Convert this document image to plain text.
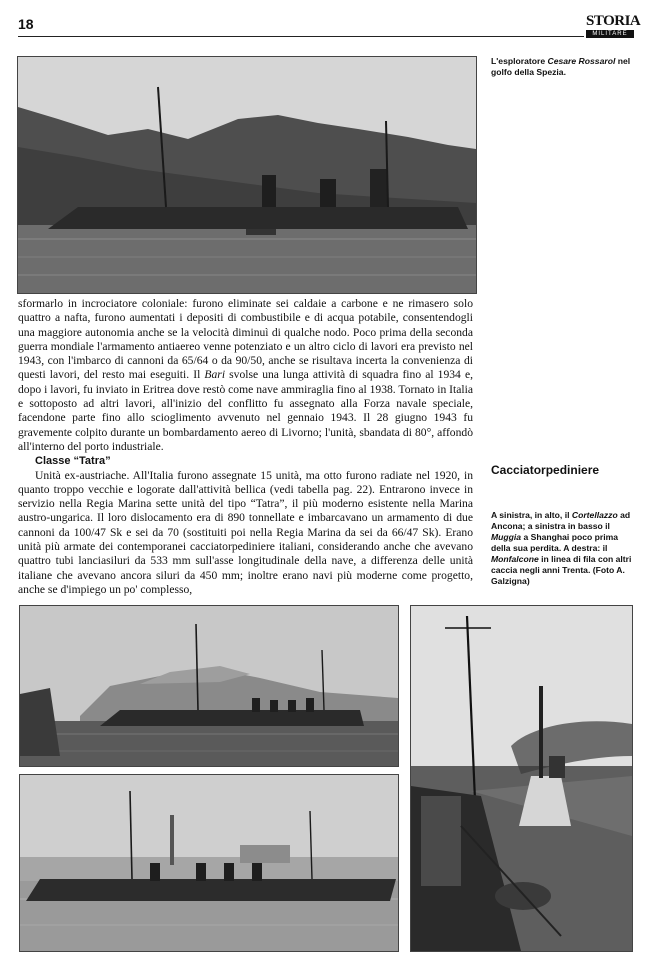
18	STORIA
MILITARE
L'esploratore Cesare Rossarol nel golfo della Spezia.

sformarlo in incrociatore coloniale: furono eliminate sei caldaie a carbone e ne rimasero solo quattro a nafta, furono aumentati i depositi di combustibile e di acqua potabile, consentendogli una maggiore autonomia anche se la velocità diminuì di qualche nodo. Poco prima della seconda guerra mondiale l'armamento antiaereo venne potenziato e un altro ciclo di lavori era previsto nel 1943, con l'imbarco di cannoni da 65/64 o da 90/50, anche se risultava incerta la convenienza di questi lavori, del resto mai eseguiti. Il Bari svolse una lunga attività di squadra fino al 1934 e, dopo i lavori, fu inviato in Eritrea dove restò come nave ammiraglia fino al 1938. Tornato in Italia e sottoposto ad altri lavori, all'inizio del conflitto fu assegnato alla Forza navale speciale, facendone parte fino allo scioglimento avvenuto nel gennaio 1943. Il 28 giugno 1943 fu gravemente colpito durante un bombardamento aereo di Livorno; l'unità, sbandata di 80°, affondò all'interno del porto industriale.

Classe “Tatra”

Unità ex-austriache. All'Italia furono assegnate 15 unità, ma otto furono radiate nel 1920, in quanto troppo vecchie e logorate dall'attività bellica (vedi tabella pag. 22). Entrarono invece in servizio nella Regia Marina sette unità del tipo “Tatra”, il più moderno esistente nella Marina austro-ungarica. Il loro dislocamento era di 890 tonnellate e imbarcavano un armamento di due cannoni da 100/47 Sk e sei da 70 (sostituiti poi nella Regia Marina da sei da 66/47 Sk). Erano unità più armate dei contemporanei cacciatorpediniere italiani, considerando anche che avevano quattro tubi lanciasiluri da 533 mm sull'asse longitudinale della nave, a differenza delle unità italiane che avevano ancora siluri da 450 mm; inoltre erano navi più moderne come progetto, anche se d'impiego un po' complesso,

Cacciatorpediniere
A sinistra, in alto, il Cortellazzo ad Ancona; a sinistra in basso il Muggia a Shanghai poco prima della sua perdita. A destra: il Monfalcone in linea di fila con altri caccia negli anni Trenta. (Foto A. Galzigna)
